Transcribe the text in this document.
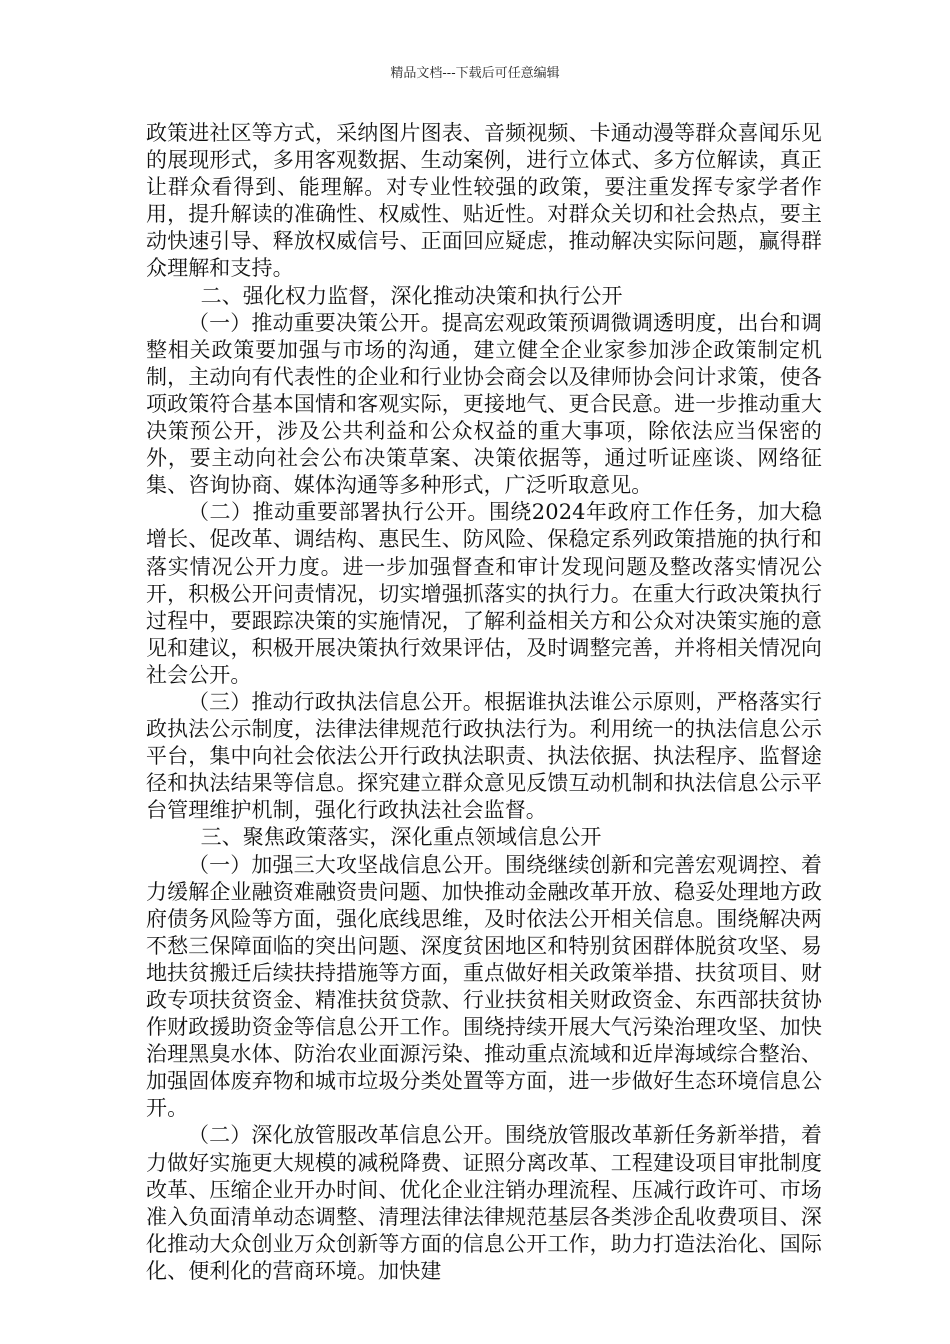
精品文档---下载后可任意编辑

政策进社区等方式，采纳图片图表、音频视频、卡通动漫等群众喜闻乐见的展现形式，多用客观数据、生动案例，进行立体式、多方位解读，真正让群众看得到、能理解。对专业性较强的政策，要注重发挥专家学者作用，提升解读的准确性、权威性、贴近性。对群众关切和社会热点，要主动快速引导、释放权威信号、正面回应疑虑，推动解决实际问题，赢得群众理解和支持。

二、强化权力监督，深化推动决策和执行公开

（一）推动重要决策公开。提高宏观政策预调微调透明度，出台和调整相关政策要加强与市场的沟通，建立健全企业家参加涉企政策制定机制，主动向有代表性的企业和行业协会商会以及律师协会问计求策，使各项政策符合基本国情和客观实际，更接地气、更合民意。进一步推动重大决策预公开，涉及公共利益和公众权益的重大事项，除依法应当保密的外，要主动向社会公布决策草案、决策依据等，通过听证座谈、网络征集、咨询协商、媒体沟通等多种形式，广泛听取意见。

（二）推动重要部署执行公开。围绕2024年政府工作任务，加大稳增长、促改革、调结构、惠民生、防风险、保稳定系列政策措施的执行和落实情况公开力度。进一步加强督查和审计发现问题及整改落实情况公开，积极公开问责情况，切实增强抓落实的执行力。在重大行政决策执行过程中，要跟踪决策的实施情况，了解利益相关方和公众对决策实施的意见和建议，积极开展决策执行效果评估，及时调整完善，并将相关情况向社会公开。

（三）推动行政执法信息公开。根据谁执法谁公示原则，严格落实行政执法公示制度，法律法律规范行政执法行为。利用统一的执法信息公示平台，集中向社会依法公开行政执法职责、执法依据、执法程序、监督途径和执法结果等信息。探究建立群众意见反馈互动机制和执法信息公示平台管理维护机制，强化行政执法社会监督。

三、聚焦政策落实，深化重点领域信息公开

（一）加强三大攻坚战信息公开。围绕继续创新和完善宏观调控、着力缓解企业融资难融资贵问题、加快推动金融改革开放、稳妥处理地方政府债务风险等方面，强化底线思维，及时依法公开相关信息。围绕解决两不愁三保障面临的突出问题、深度贫困地区和特别贫困群体脱贫攻坚、易地扶贫搬迁后续扶持措施等方面，重点做好相关政策举措、扶贫项目、财政专项扶贫资金、精准扶贫贷款、行业扶贫相关财政资金、东西部扶贫协作财政援助资金等信息公开工作。围绕持续开展大气污染治理攻坚、加快治理黑臭水体、防治农业面源污染、推动重点流域和近岸海域综合整治、加强固体废弃物和城市垃圾分类处置等方面，进一步做好生态环境信息公开。

（二）深化放管服改革信息公开。围绕放管服改革新任务新举措，着力做好实施更大规模的减税降费、证照分离改革、工程建设项目审批制度改革、压缩企业开办时间、优化企业注销办理流程、压减行政许可、市场准入负面清单动态调整、清理法律法律规范基层各类涉企乱收费项目、深化推动大众创业万众创新等方面的信息公开工作，助力打造法治化、国际化、便利化的营商环境。加快建
